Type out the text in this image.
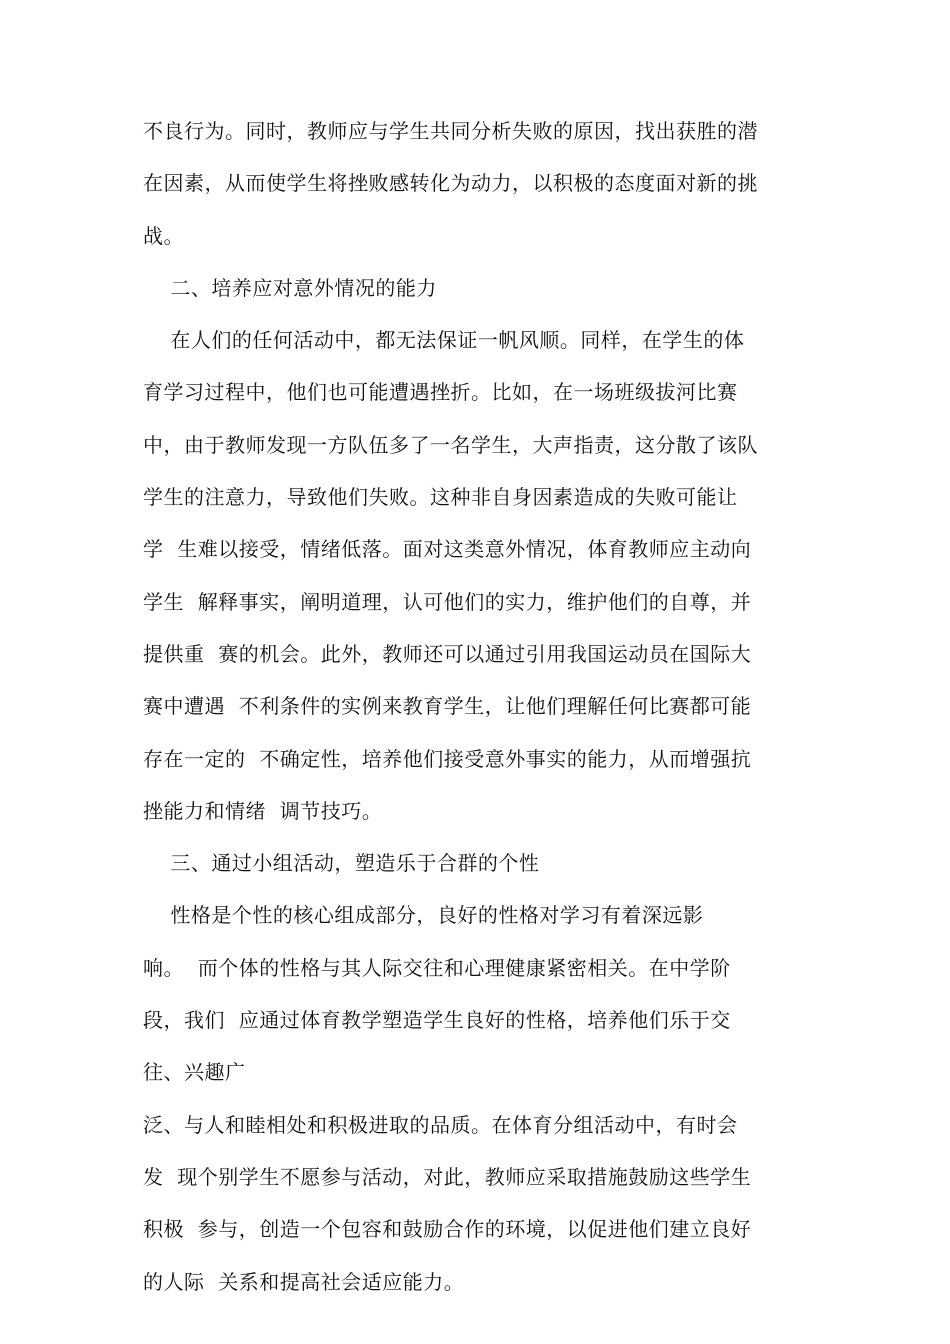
不良行为。同时，教师应与学生共同分析失败的原因，找出获胜的潜
在因素，从而使学生将挫败感转化为动力，以积极的态度面对新的挑
战。
二、培养应对意外情况的能力
在人们的任何活动中，都无法保证一帆风顺。同样，在学生的体
育学习过程中，他们也可能遭遇挫折。比如，在一场班级拔河比赛
中，由于教师发现一方队伍多了一名学生，大声指责，这分散了该队
学生的注意力，导致他们失败。这种非自身因素造成的失败可能让
学  生难以接受，情绪低落。面对这类意外情况，体育教师应主动向
学生  解释事实，阐明道理，认可他们的实力，维护他们的自尊，并
提供重  赛的机会。此外，教师还可以通过引用我国运动员在国际大
赛中遭遇  不利条件的实例来教育学生，让他们理解任何比赛都可能
存在一定的  不确定性，培养他们接受意外事实的能力，从而增强抗
挫能力和情绪  调节技巧。
三、通过小组活动，塑造乐于合群的个性
性格是个性的核心组成部分，良好的性格对学习有着深远影
响。  而个体的性格与其人际交往和心理健康紧密相关。在中学阶
段，我们  应通过体育教学塑造学生良好的性格，培养他们乐于交
往、兴趣广
泛、与人和睦相处和积极进取的品质。在体育分组活动中，有时会
发  现个别学生不愿参与活动，对此，教师应采取措施鼓励这些学生
积极  参与，创造一个包容和鼓励合作的环境，以促进他们建立良好
的人际  关系和提高社会适应能力。
